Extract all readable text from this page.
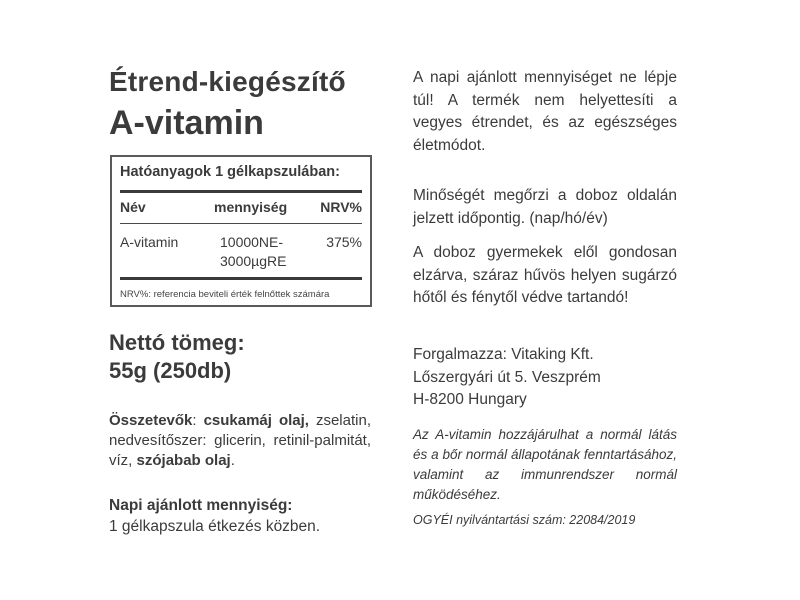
Étrend-kiegészítő
A-vitamin
Hatóanyagok 1 gélkapszulában:
Név	mennyiség NRV%
A-vitamin	10000NE-
3000µgRE
375%
NRV%: referencia beviteli érték felnőttek számára
Nettó tömeg:
55g (250db)
Összetevők: csukamáj olaj, zselatin, nedvesítőszer: glicerin, retinil-palmitát, víz, szójabab olaj.
Napi ajánlott mennyiség:
1 gélkapszula étkezés közben.
A napi ajánlott mennyiséget ne lépje túl! A termék nem helyettesíti a vegyes étrendet, és az egészséges életmódot.
Minőségét megőrzi a doboz oldalán jelzett időpontig. (nap/hó/év)
A doboz gyermekek elől gondosan elzárva, száraz hűvös helyen sugárzó hőtől és fénytől védve tartandó!
Forgalmazza: Vitaking Kft.
Lőszergyári út 5. Veszprém
H-8200 Hungary
Az A-vitamin hozzájárulhat a normál látás és a bőr normál állapotának fenntartásához, valamint az immunrendszer normál működéséhez.
OGYÉI nyilvántartási szám: 22084/2019
